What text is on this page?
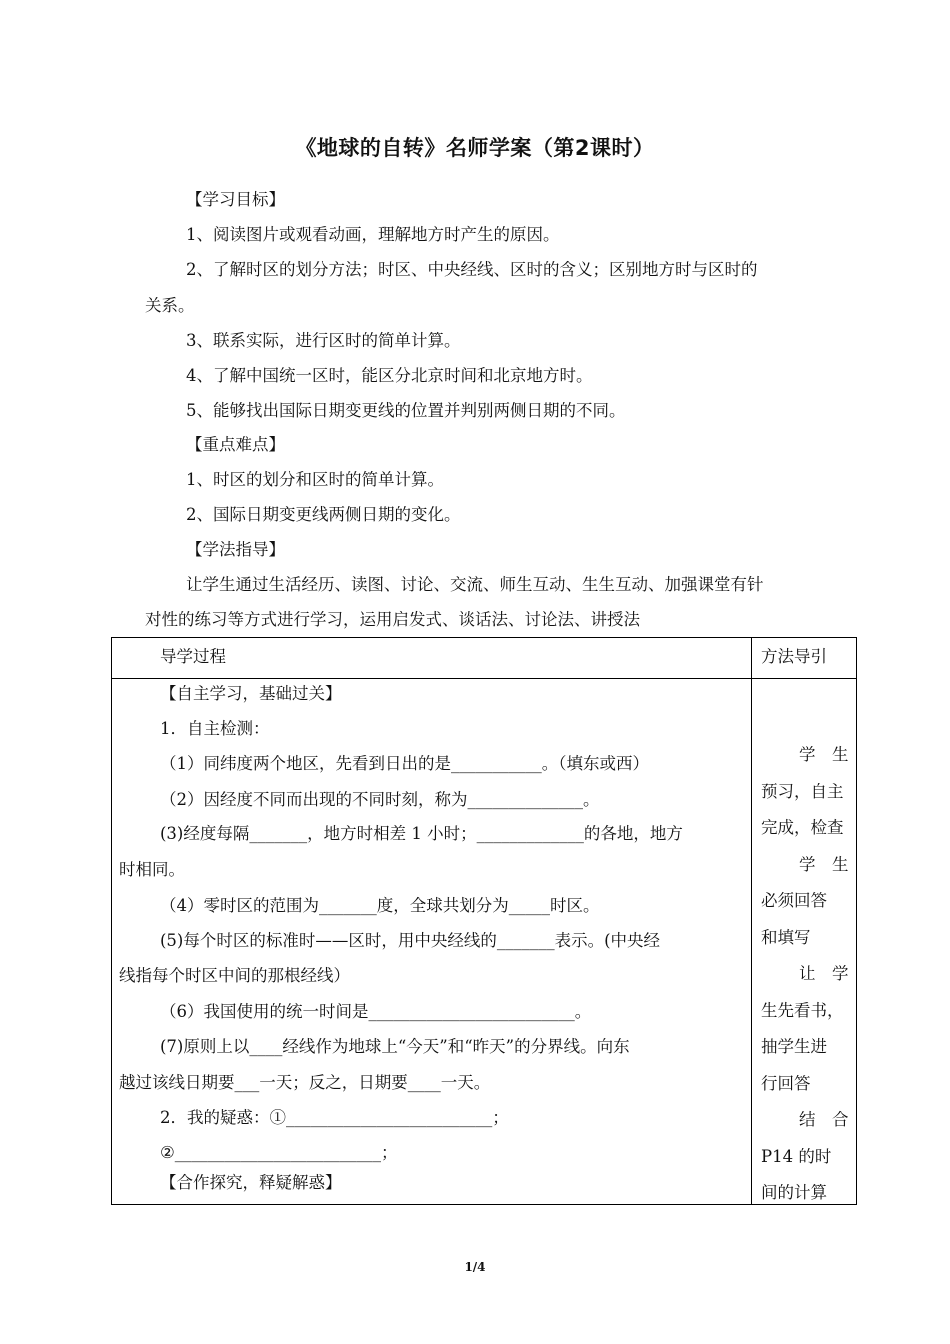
《地球的自转》名师学案（第2课时）
【学习目标】
1、阅读图片或观看动画，理解地方时产生的原因。
2、了解时区的划分方法；时区、中央经线、区时的含义；区别地方时与区时的
关系。
3、联系实际，进行区时的简单计算。
4、了解中国统一区时，能区分北京时间和北京地方时。
5、能够找出国际日期变更线的位置并判别两侧日期的不同。
【重点难点】
1、时区的划分和区时的简单计算。
2、国际日期变更线两侧日期的变化。
【学法指导】
让学生通过生活经历、读图、讨论、交流、师生互动、生生互动、加强课堂有针
对性的练习等方式进行学习，运用启发式、谈话法、讨论法、讲授法
导学过程	方法导引
【自主学习，基础过关】
1．自主检测：
（1）同纬度两个地区，先看到日出的是___________。（填东或西）
（2）因经度不同而出现的不同时刻，称为______________。
(3)经度每隔_______，地方时相差 1 小时；_____________的各地，地方
时相同。
（4）零时区的范围为_______度，全球共划分为_____时区。
(5)每个时区的标准时——区时，用中央经线的_______表示。(中央经
线指每个时区中间的那根经线）
（6）我国使用的统一时间是_________________________。
(7)原则上以____经线作为地球上“今天”和“昨天”的分界线。向东
越过该线日期要___一天；反之，日期要____一天。
2．我的疑惑：①_________________________；
②_________________________；
【合作探究，释疑解惑】
学　生
预习，自主
完成，检查
学　生
必须回答
和填写
让　学
生先看书，
抽学生进
行回答
结　合
P14 的时
间的计算
1/4
